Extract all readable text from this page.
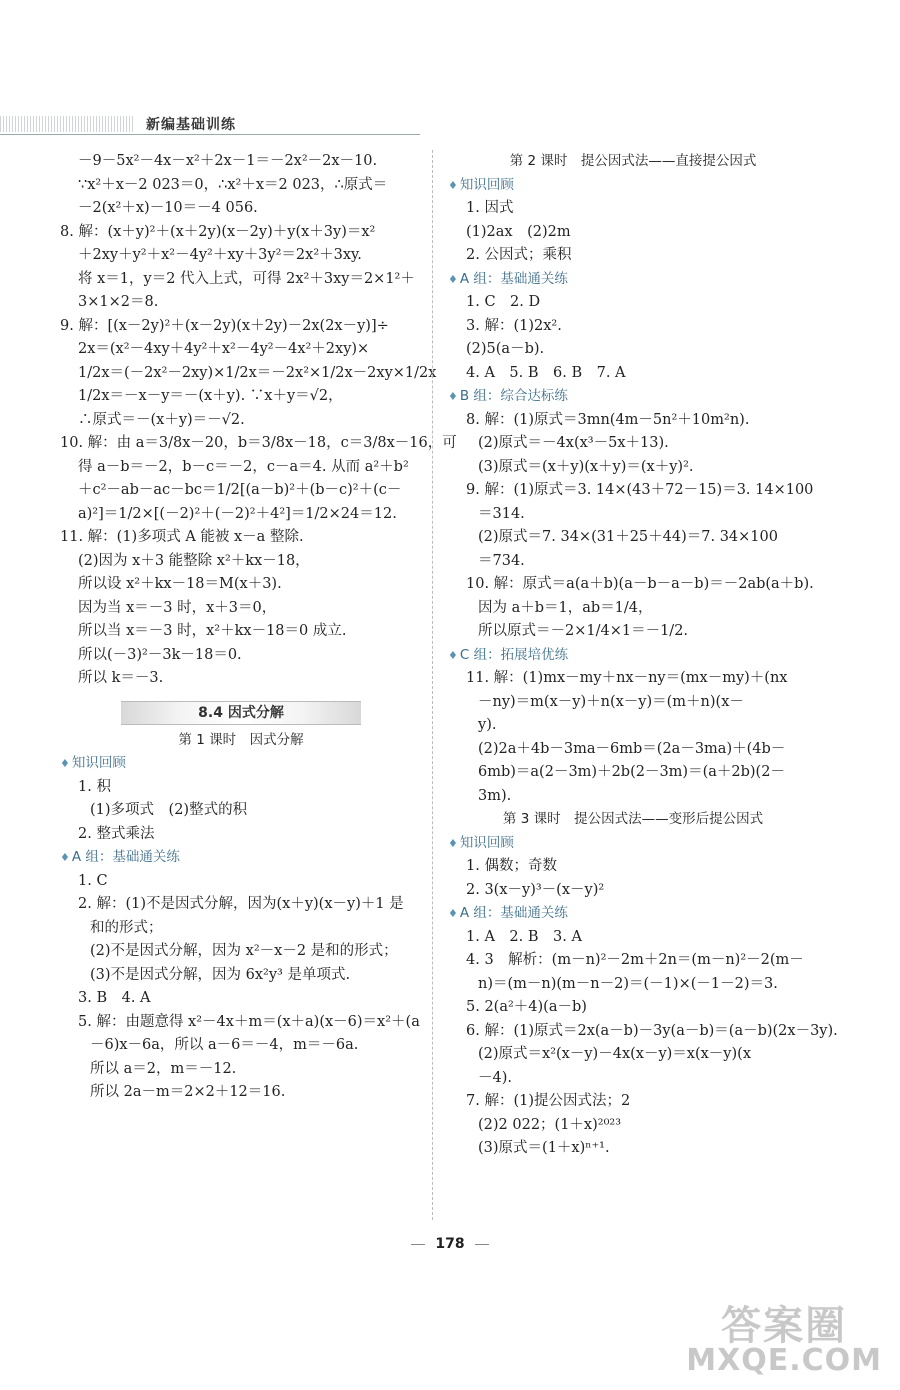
新编基础训练
－9－5x²－4x－x²＋2x－1＝－2x²－2x－10.
∵x²＋x－2 023＝0，∴x²＋x＝2 023，∴原式＝
－2(x²＋x)－10＝－4 056.
8. 解：(x＋y)²＋(x＋2y)(x－2y)＋y(x＋3y)＝x²
＋2xy＋y²＋x²－4y²＋xy＋3y²＝2x²＋3xy.
将 x＝1，y＝2 代入上式，可得 2x²＋3xy＝2×1²＋
3×1×2＝8.
9. 解：[(x－2y)²＋(x－2y)(x＋2y)－2x(2x－y)]÷
2x＝(x²－4xy＋4y²＋x²－4y²－4x²＋2xy)×
1/2x＝(－2x²－2xy)×1/2x＝－2x²×1/2x－2xy×1/2x
1/2x＝－x－y＝－(x＋y). ∵x＋y＝√2，
∴原式＝－(x＋y)＝－√2.
10. 解：由 a＝3/8x－20，b＝3/8x－18，c＝3/8x－16，可
得 a－b＝－2，b－c＝－2，c－a＝4. 从而 a²＋b²
＋c²－ab－ac－bc＝1/2[(a－b)²＋(b－c)²＋(c－
a)²]＝1/2×[(－2)²＋(－2)²＋4²]＝1/2×24＝12.
11. 解：(1)多项式 A 能被 x－a 整除.
(2)因为 x＋3 能整除 x²＋kx－18，
所以设 x²＋kx－18＝M(x＋3).
因为当 x＝－3 时，x＋3＝0，
所以当 x＝－3 时，x²＋kx－18＝0 成立.
所以(－3)²－3k－18＝0.
所以 k＝－3.
8.4 因式分解
第 1 课时　因式分解
♦ 知识回顾
1. 积
(1)多项式　(2)整式的积
2. 整式乘法
♦ A 组：基础通关练
1. C
2. 解：(1)不是因式分解，因为(x＋y)(x－y)＋1 是
和的形式；
(2)不是因式分解，因为 x²－x－2 是和的形式；
(3)不是因式分解，因为 6x²y³ 是单项式.
3. B　4. A
5. 解：由题意得 x²－4x＋m＝(x＋a)(x－6)＝x²＋(a
－6)x－6a，所以 a－6＝－4，m＝－6a.
所以 a＝2，m＝－12.
所以 2a－m＝2×2＋12＝16.
第 2 课时　提公因式法——直接提公因式
♦ 知识回顾
1. 因式
(1)2ax　(2)2m
2. 公因式；乘积
♦ A 组：基础通关练
1. C　2. D
3. 解：(1)2x².
(2)5(a－b).
4. A　5. B　6. B　7. A
♦ B 组：综合达标练
8. 解：(1)原式＝3mn(4m－5n²＋10m²n).
(2)原式＝－4x(x³－5x＋13).
(3)原式＝(x＋y)(x＋y)＝(x＋y)².
9. 解：(1)原式＝3. 14×(43＋72－15)＝3. 14×100
＝314.
(2)原式＝7. 34×(31＋25＋44)＝7. 34×100
＝734.
10. 解：原式＝a(a＋b)(a－b－a－b)＝－2ab(a＋b).
因为 a＋b＝1，ab＝1/4，
所以原式＝－2×1/4×1＝－1/2.
♦ C 组：拓展培优练
11. 解：(1)mx－my＋nx－ny＝(mx－my)＋(nx
－ny)＝m(x－y)＋n(x－y)＝(m＋n)(x－
y).
(2)2a＋4b－3ma－6mb＝(2a－3ma)＋(4b－
6mb)＝a(2－3m)＋2b(2－3m)＝(a＋2b)(2－
3m).
第 3 课时　提公因式法——变形后提公因式
♦ 知识回顾
1. 偶数；奇数
2. 3(x－y)³－(x－y)²
♦ A 组：基础通关练
1. A　2. B　3. A
4. 3　解析：(m－n)²－2m＋2n＝(m－n)²－2(m－
n)＝(m－n)(m－n－2)＝(－1)×(－1－2)＝3.
5. 2(a²＋4)(a－b)
6. 解：(1)原式＝2x(a－b)－3y(a－b)＝(a－b)(2x－3y).
(2)原式＝x²(x－y)－4x(x－y)＝x(x－y)(x
－4).
7. 解：(1)提公因式法；2
(2)2 022；(1＋x)²⁰²³
(3)原式＝(1＋x)ⁿ⁺¹.
178
答案圈
MXQE.COM
